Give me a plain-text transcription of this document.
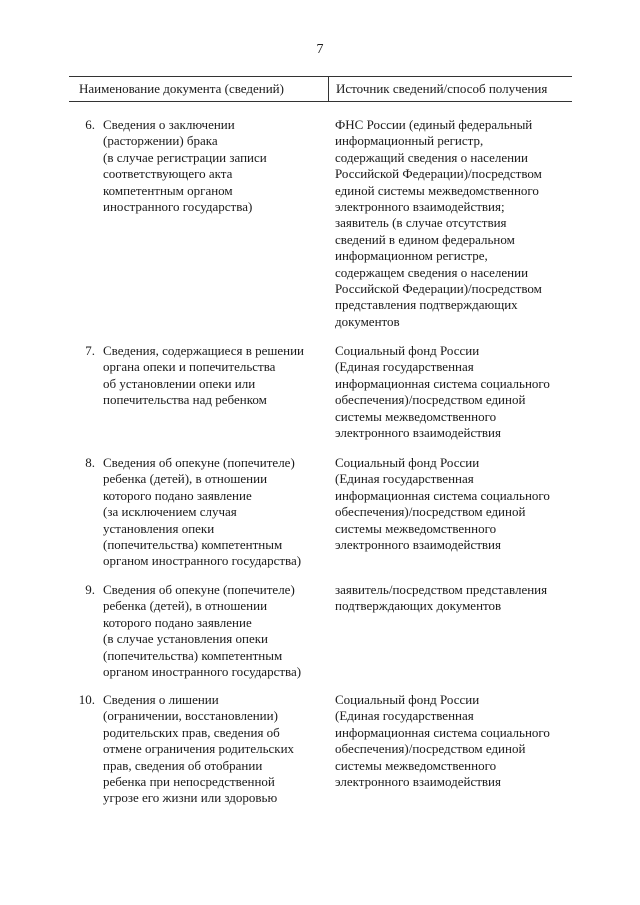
7
Наименование документа (сведений)	Источник сведений/способ получения
6. Сведения о заключении
(расторжении) брака
(в случае регистрации записи
соответствующего акта
компетентным органом
иностранного государства)
ФНС России (единый федеральный
информационный регистр,
содержащий сведения о населении
Российской Федерации)/посредством
единой системы межведомственного
электронного взаимодействия;
заявитель (в случае отсутствия
сведений в едином федеральном
информационном регистре,
содержащем сведения о населении
Российской Федерации)/посредством
представления подтверждающих
документов
7. Сведения, содержащиеся в решении
органа опеки и попечительства
об установлении опеки или
попечительства над ребенком
Социальный фонд России
(Единая государственная
информационная система социального
обеспечения)/посредством единой
системы межведомственного
электронного взаимодействия
8. Сведения об опекуне (попечителе)
ребенка (детей), в отношении
которого подано заявление
(за исключением случая
установления опеки
(попечительства) компетентным
органом иностранного государства)
Социальный фонд России
(Единая государственная
информационная система социального
обеспечения)/посредством единой
системы межведомственного
электронного взаимодействия
9. Сведения об опекуне (попечителе)
ребенка (детей), в отношении
которого подано заявление
(в случае установления опеки
(попечительства) компетентным
органом иностранного государства)
заявитель/посредством представления
подтверждающих документов
10. Сведения о лишении
(ограничении, восстановлении)
родительских прав, сведения об
отмене ограничения родительских
прав, сведения об отобрании
ребенка при непосредственной
угрозе его жизни или здоровью
Социальный фонд России
(Единая государственная
информационная система социального
обеспечения)/посредством единой
системы межведомственного
электронного взаимодействия
